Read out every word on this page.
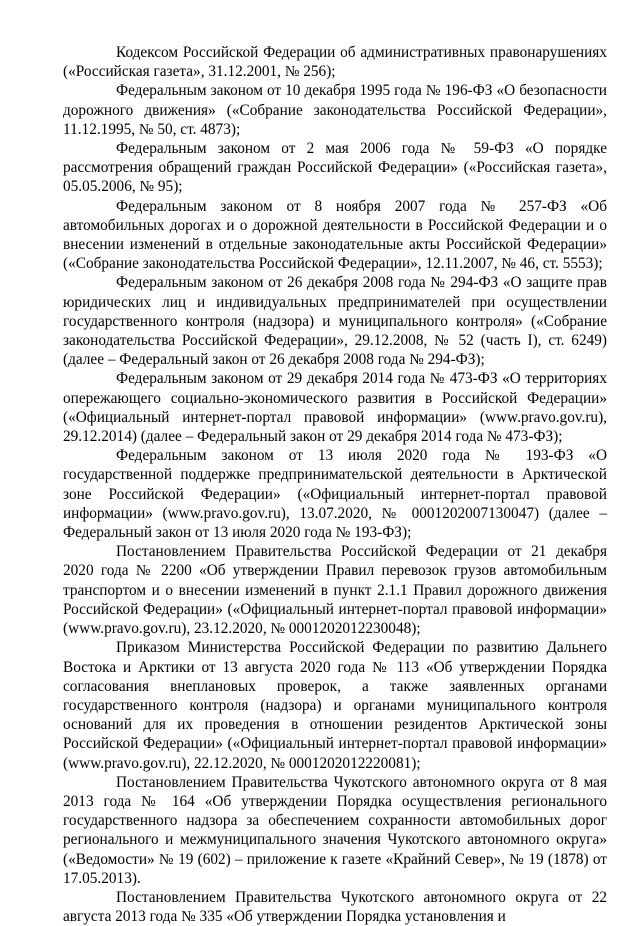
Кодексом Российской Федерации об административных правонарушениях («Российская газета», 31.12.2001, № 256);

Федеральным законом от 10 декабря 1995 года № 196-ФЗ «О безопасности дорожного движения» («Собрание законодательства Российской Федерации», 11.12.1995, № 50, ст. 4873);

Федеральным законом от 2 мая 2006 года № 59-ФЗ «О порядке рассмотрения обращений граждан Российской Федерации» («Российская газета», 05.05.2006, № 95);

Федеральным законом от 8 ноября 2007 года № 257-ФЗ «Об автомобильных дорогах и о дорожной деятельности в Российской Федерации и о внесении изменений в отдельные законодательные акты Российской Федерации» («Собрание законодательства Российской Федерации», 12.11.2007, № 46, ст. 5553);

Федеральным законом от 26 декабря 2008 года № 294-ФЗ «О защите прав юридических лиц и индивидуальных предпринимателей при осуществлении государственного контроля (надзора) и муниципального контроля» («Собрание законодательства Российской Федерации», 29.12.2008, № 52 (часть I), ст. 6249) (далее – Федеральный закон от 26 декабря 2008 года № 294-ФЗ);

Федеральным законом от 29 декабря 2014 года № 473-ФЗ «О территориях опережающего социально-экономического развития в Российской Федерации» («Официальный интернет-портал правовой информации» (www.pravo.gov.ru), 29.12.2014) (далее – Федеральный закон от 29 декабря 2014 года № 473-ФЗ);

Федеральным законом от 13 июля 2020 года № 193-ФЗ «О государственной поддержке предпринимательской деятельности в Арктической зоне Российской Федерации» («Официальный интернет-портал правовой информации» (www.pravo.gov.ru), 13.07.2020, № 0001202007130047) (далее – Федеральный закон от 13 июля 2020 года № 193-ФЗ);

Постановлением Правительства Российской Федерации от 21 декабря 2020 года № 2200 «Об утверждении Правил перевозок грузов автомобильным транспортом и о внесении изменений в пункт 2.1.1 Правил дорожного движения Российской Федерации» («Официальный интернет-портал правовой информации» (www.pravo.gov.ru), 23.12.2020, № 0001202012230048);

Приказом Министерства Российской Федерации по развитию Дальнего Востока и Арктики от 13 августа 2020 года № 113 «Об утверждении Порядка согласования внеплановых проверок, а также заявленных органами государственного контроля (надзора) и органами муниципального контроля оснований для их проведения в отношении резидентов Арктической зоны Российской Федерации» («Официальный интернет-портал правовой информации» (www.pravo.gov.ru), 22.12.2020, № 0001202012220081);

Постановлением Правительства Чукотского автономного округа от 8 мая 2013 года № 164 «Об утверждении Порядка осуществления регионального государственного надзора за обеспечением сохранности автомобильных дорог регионального и межмуниципального значения Чукотского автономного округа» («Ведомости» № 19 (602) – приложение к газете «Крайний Север», № 19 (1878) от 17.05.2013).

Постановлением Правительства Чукотского автономного округа от 22 августа 2013 года № 335 «Об утверждении Порядка установления и
